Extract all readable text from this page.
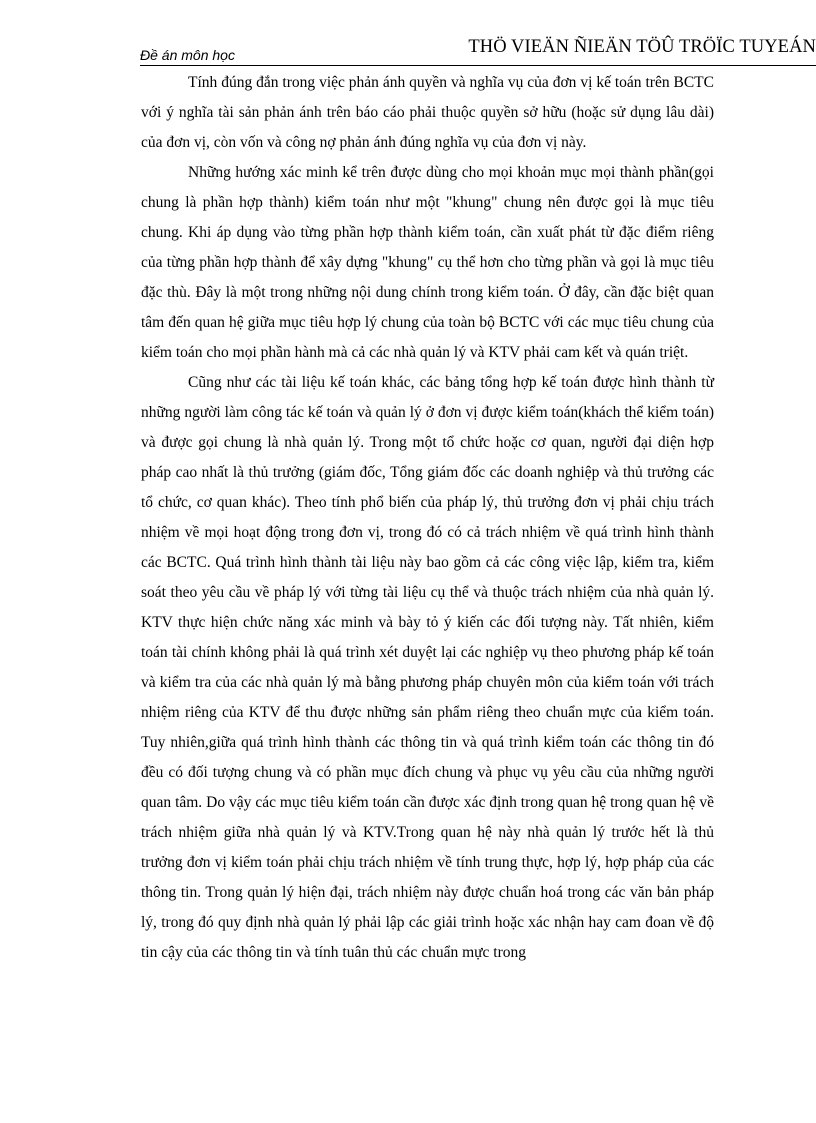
Đề án môn học	THÖ VIEÄN ÑIEÄN TÖÛ TRÖÏC TUYEÁN

Tính đúng đắn trong việc phản ánh quyền và nghĩa vụ của đơn vị kế toán trên BCTC với ý nghĩa tài sản phản ánh trên báo cáo phải thuộc quyền sở hữu (hoặc sử dụng lâu dài) của đơn vị, còn vốn và công nợ phản ánh đúng nghĩa vụ của đơn vị này.

Những hướng xác minh kể trên được dùng cho mọi khoản mục mọi thành phần(gọi chung là phần hợp thành) kiểm toán như một "khung" chung nên được gọi là mục tiêu chung. Khi áp dụng vào từng phần hợp thành kiểm toán, cần xuất phát từ đặc điểm riêng của từng phần hợp thành để xây dựng "khung" cụ thể hơn cho từng phần và gọi là mục tiêu đặc thù. Đây là một trong những nội dung chính trong kiểm toán. Ở đây, cần đặc biệt quan tâm đến quan hệ giữa mục tiêu hợp lý chung của toàn bộ BCTC với các mục tiêu chung của kiểm toán cho mọi phần hành mà cả các nhà quản lý và KTV phải cam kết và quán triệt.

Cũng như các tài liệu kế toán khác, các bảng tổng hợp kế toán được hình thành từ những người làm công tác kế toán và quản lý ở đơn vị được kiểm toán(khách thể kiểm toán) và được gọi chung là nhà quản lý. Trong một tổ chức hoặc cơ quan, người đại diện hợp pháp cao nhất là thủ trưởng (giám đốc, Tổng giám đốc các doanh nghiệp và thủ trưởng các tổ chức, cơ quan khác). Theo tính phổ biến của pháp lý, thủ trưởng đơn vị phải chịu trách nhiệm về mọi hoạt động trong đơn vị, trong đó có cả trách nhiệm về quá trình hình thành các BCTC. Quá trình hình thành tài liệu này bao gồm cả các công việc lập, kiểm tra, kiểm soát theo yêu cầu về pháp lý với từng tài liệu cụ thể và thuộc trách nhiệm của nhà quản lý. KTV thực hiện chức năng xác minh và bày tỏ ý kiến các đối tượng này. Tất nhiên, kiểm toán tài chính không phải là quá trình xét duyệt lại các nghiệp vụ theo phương pháp kế toán và kiểm tra của các nhà quản lý mà bằng phương pháp chuyên môn của kiểm toán với trách nhiệm riêng của KTV để thu được những sản phẩm riêng theo chuẩn mực của kiểm toán. Tuy nhiên,giữa quá trình hình thành các thông tin và quá trình kiểm toán các thông tin đó đều có đối tượng chung và có phần mục đích chung và phục vụ yêu cầu của những người quan tâm. Do vậy các mục tiêu kiểm toán cần được xác định trong quan hệ trong quan hệ về trách nhiệm giữa nhà quản lý và KTV.Trong quan hệ này nhà quản lý trước hết là thủ trưởng đơn vị kiểm toán phải chịu trách nhiệm về tính trung thực, hợp lý, hợp pháp của các thông tin. Trong quản lý hiện đại, trách nhiệm này được chuẩn hoá trong các văn bản pháp lý, trong đó quy định nhà quản lý phải lập các giải trình hoặc xác nhận hay cam đoan về độ tin cậy của các thông tin và tính tuân thủ các chuẩn mực trong
